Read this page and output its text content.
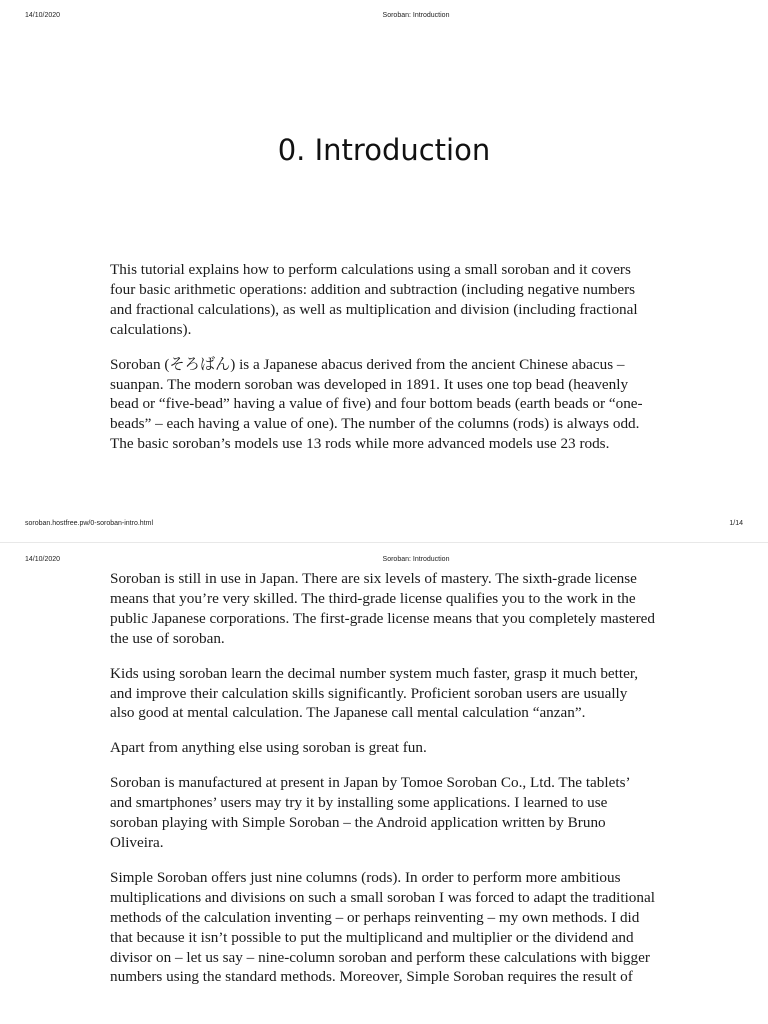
14/10/2020	Soroban: Introduction
0. Introduction

This tutorial explains how to perform calculations using a small soroban and it covers four basic arithmetic operations: addition and subtraction (including negative numbers and fractional calculations), as well as multiplication and division (including fractional calculations).

Soroban (そろばん) is a Japanese abacus derived from the ancient Chinese abacus – suanpan. The modern soroban was developed in 1891. It uses one top bead (heavenly bead or “five-bead” having a value of five) and four bottom beads (earth beads or “one-beads” – each having a value of one). The number of the columns (rods) is always odd. The basic soroban’s models use 13 rods while more advanced models use 23 rods.

soroban.hostfree.pw/0-soroban-intro.html	1/14
14/10/2020	Soroban: Introduction

Soroban is still in use in Japan. There are six levels of mastery. The sixth-grade license means that you’re very skilled. The third-grade license qualifies you to the work in the public Japanese corporations. The first-grade license means that you completely mastered the use of soroban.

Kids using soroban learn the decimal number system much faster, grasp it much better, and improve their calculation skills significantly. Proficient soroban users are usually also good at mental calculation. The Japanese call mental calculation “anzan”.

Apart from anything else using soroban is great fun.

Soroban is manufactured at present in Japan by Tomoe Soroban Co., Ltd. The tablets’ and smartphones’ users may try it by installing some applications. I learned to use soroban playing with Simple Soroban – the Android application written by Bruno Oliveira.

Simple Soroban offers just nine columns (rods). In order to perform more ambitious multiplications and divisions on such a small soroban I was forced to adapt the traditional methods of the calculation inventing – or perhaps reinventing – my own methods. I did that because it isn’t possible to put the multiplicand and multiplier or the dividend and divisor on – let us say – nine-column soroban and perform these calculations with bigger numbers using the standard methods. Moreover, Simple Soroban requires the result of
